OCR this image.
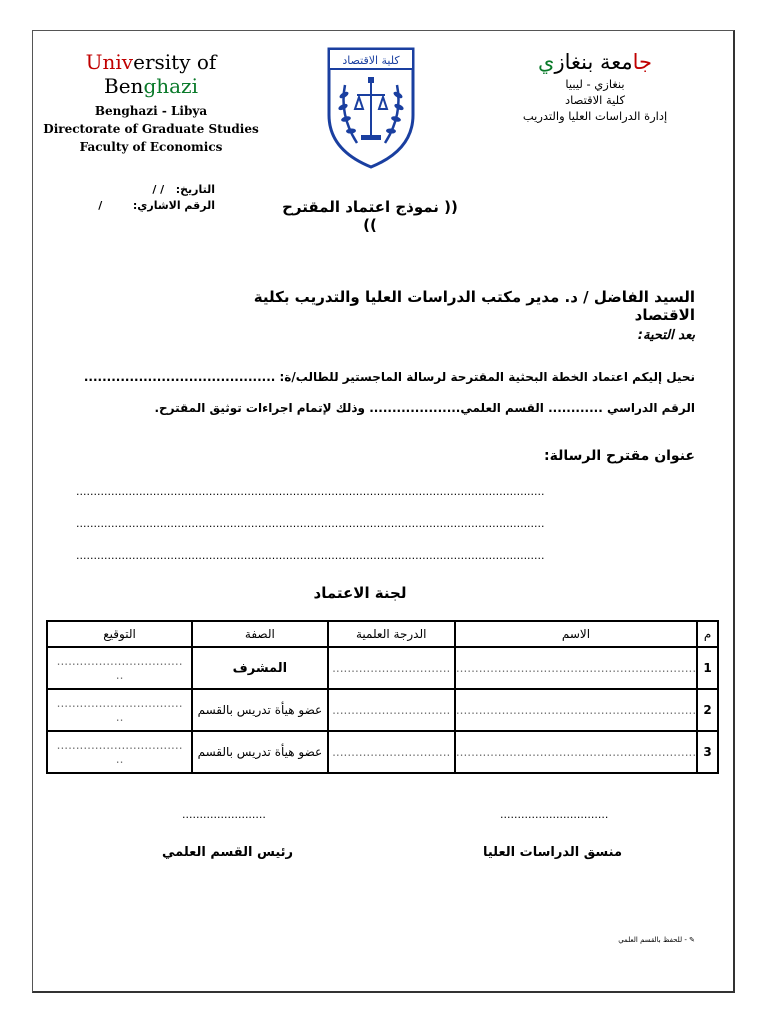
University of Benghazi
Benghazi - Libya
Directorate of Graduate Studies
Faculty of Economics
كلية الاقتصاد	جامعة بنغازي
بنغازي - ليبيا
كلية الاقتصاد
إدارة الدراسات العليا والتدريب
التاريخ:   / /
الرقم الاشاري:        /	(( نموذج اعتماد المقترح ))
السيد الفاضل / د. مدير مكتب الدراسات العليا والتدريب بكلية الاقتصاد
بعد التحية:
نحيل إليكم اعتماد الخطة البحثية المقترحة لرسالة الماجستير للطالب/ة: ..........................................
الرقم الدراسي ............ القسم العلمي.................... وذلك لإتمام اجراءات توثيق المقترح.
عنوان مقترح الرسالة:
......................................................................................................................................
......................................................................................................................................
......................................................................................................................................
لجنة الاعتماد
م	الاسم	الدرجة العلمية	الصفة	التوقيع
1	...............................................................	...............................	المشرف	.................................
..

2	...............................................................	...............................	عضو هيأة تدريس بالقسم	.................................
..

3	...............................................................	...............................	عضو هيأة تدريس بالقسم	.................................
..
........................
رئيس القسم العلمي
...............................
منسق الدراسات العليا
✎ - للحفظ بالقسم العلمي
